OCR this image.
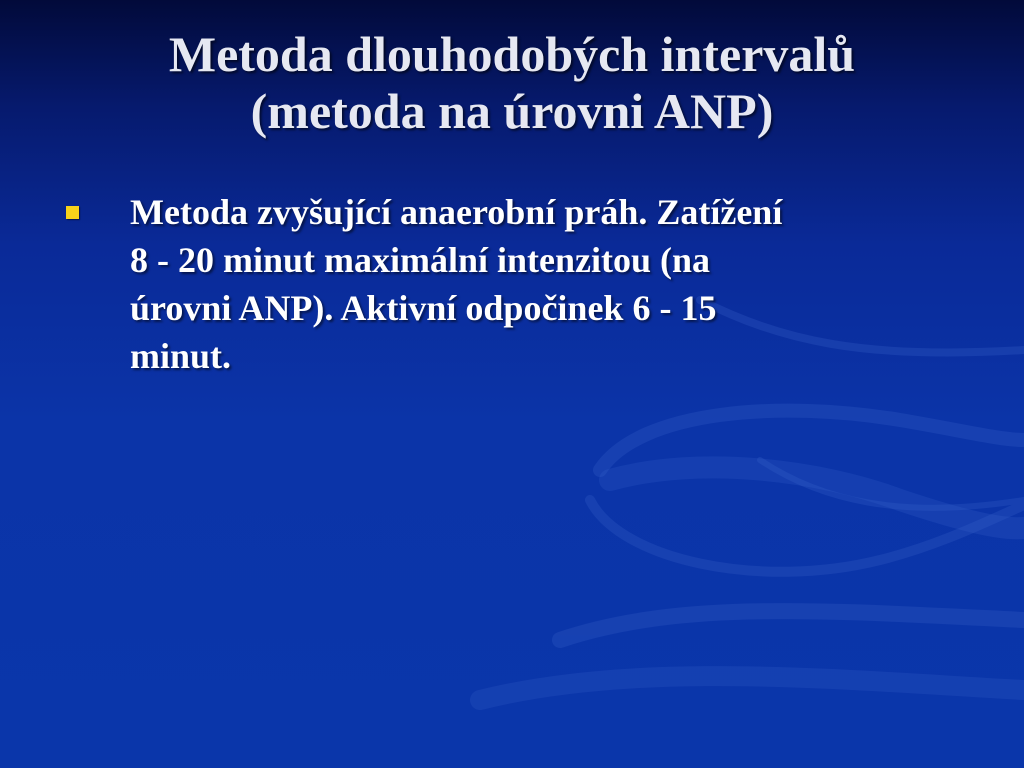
Metoda dlouhodobých intervalů
(metoda na úrovni ANP)
Metoda zvyšující anaerobní práh. Zatížení
8 - 20 minut maximální intenzitou (na
úrovni ANP). Aktivní odpočinek 6 - 15
minut.
